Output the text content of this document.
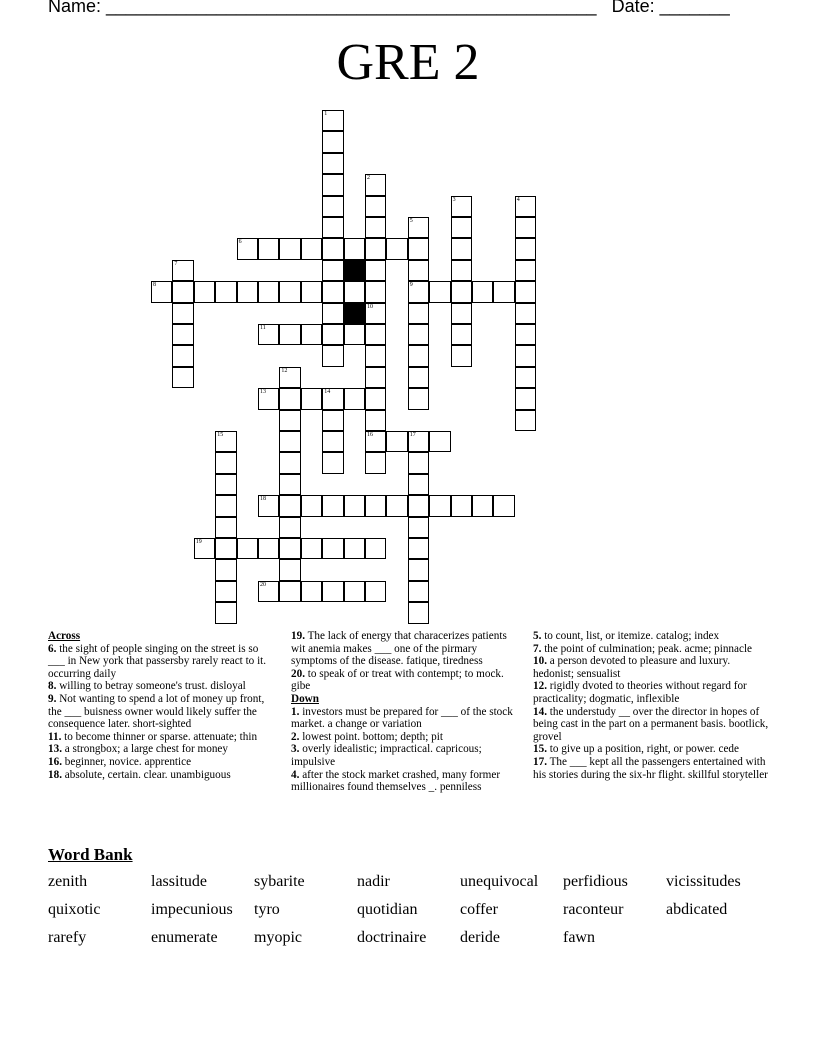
Name: _________________________________________________ Date: _______
GRE 2
1
2
10
16
3	4
5
9
6
7
8
11
12
13	14
15	17
18
19
20
Across
6. the sight of people singing on the street is so ___ in New york that passersby rarely react to it. occurring daily
8. willing to betray someone's trust. disloyal
9. Not wanting to spend a lot of money up front, the ___ buisness owner would likely suffer the consequence later. short-sighted
11. to become thinner or sparse. attenuate; thin
13. a strongbox; a large chest for money
16. beginner, novice. apprentice
18. absolute, certain. clear. unambiguous
19. The lack of energy that characerizes patients wit anemia makes ___ one of the pirmary symptoms of the disease. fatique, tiredness
20. to speak of or treat with contempt; to mock. gibe
Down
1. investors must be prepared for ___ of the stock market. a change or variation
2. lowest point. bottom; depth; pit
3. overly idealistic; impractical. capricous; impulsive
4. after the stock market crashed, many former millionaires found themselves _. penniless
5. to count, list, or itemize. catalog; index
7. the point of culmination; peak. acme; pinnacle
10. a person devoted to pleasure and luxury. hedonist; sensualist
12. rigidly dvoted to theories without regard for practicality; dogmatic, inflexible
14. the understudy __ over the director in hopes of being cast in the part on a permanent basis. bootlick, grovel
15. to give up a position, right, or power. cede
17. The ___ kept all the passengers entertained with his stories during the six-hr flight. skillful storyteller
Word Bank
zenith	lassitude	sybarite	nadir	unequivocal perfidious vicissitudes
quixotic	impecunious tyro	quotidian	coffer	raconteur	abdicated
rarefy	enumerate myopic	doctrinaire deride	fawn
